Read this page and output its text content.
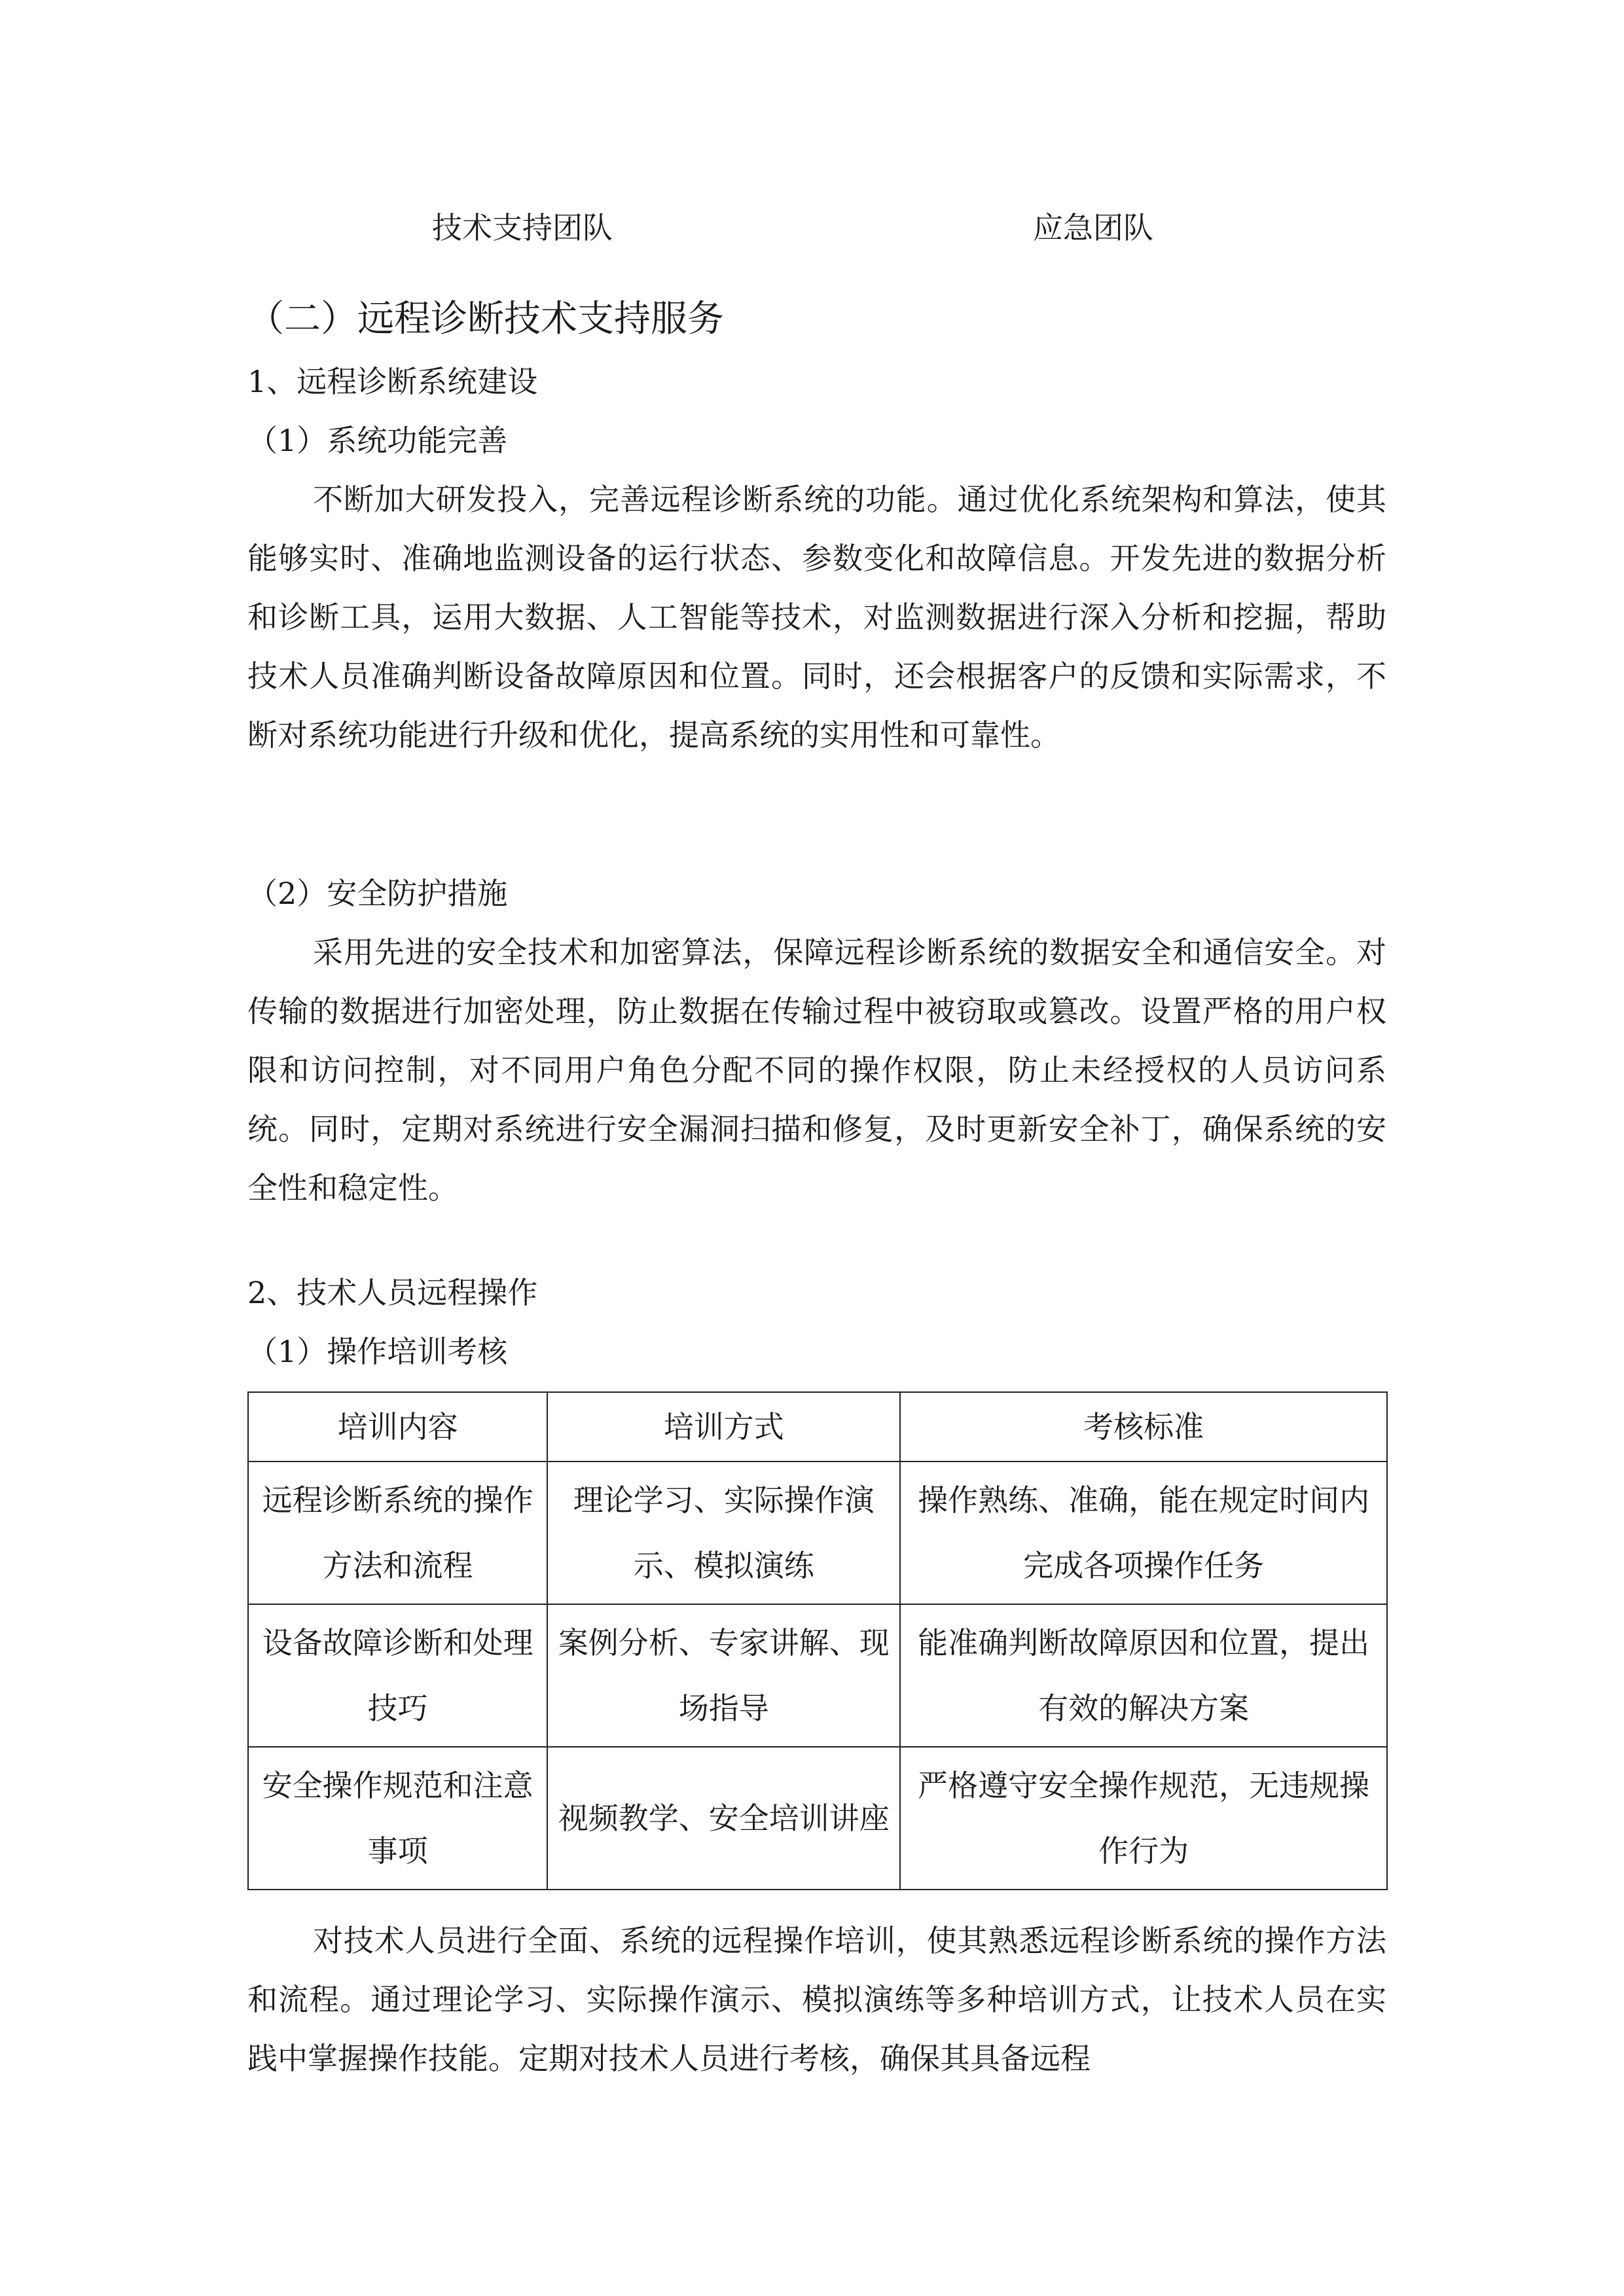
技术支持团队	应急团队
（二）远程诊断技术支持服务
1、远程诊断系统建设
（1）系统功能完善

不断加大研发投入，完善远程诊断系统的功能。通过优化系统架构和算法，使其能够实时、准确地监测设备的运行状态、参数变化和故障信息。开发先进的数据分析和诊断工具，运用大数据、人工智能等技术，对监测数据进行深入分析和挖掘，帮助技术人员准确判断设备故障原因和位置。同时，还会根据客户的反馈和实际需求，不断对系统功能进行升级和优化，提高系统的实用性和可靠性。

（2）安全防护措施

采用先进的安全技术和加密算法，保障远程诊断系统的数据安全和通信安全。对传输的数据进行加密处理，防止数据在传输过程中被窃取或篡改。设置严格的用户权限和访问控制，对不同用户角色分配不同的操作权限，防止未经授权的人员访问系统。同时，定期对系统进行安全漏洞扫描和修复，及时更新安全补丁，确保系统的安全性和稳定性。

2、技术人员远程操作
（1）操作培训考核
培训内容	培训方式	考核标准
远程诊断系统的操作方法和流程	理论学习、实际操作演示、模拟演练	操作熟练、准确，能在规定时间内完成各项操作任务
设备故障诊断和处理技巧	案例分析、专家讲解、现场指导	能准确判断故障原因和位置，提出有效的解决方案
安全操作规范和注意事项	视频教学、安全培训讲座	严格遵守安全操作规范，无违规操作行为

对技术人员进行全面、系统的远程操作培训，使其熟悉远程诊断系统的操作方法和流程。通过理论学习、实际操作演示、模拟演练等多种培训方式，让技术人员在实践中掌握操作技能。定期对技术人员进行考核，确保其具备远程
